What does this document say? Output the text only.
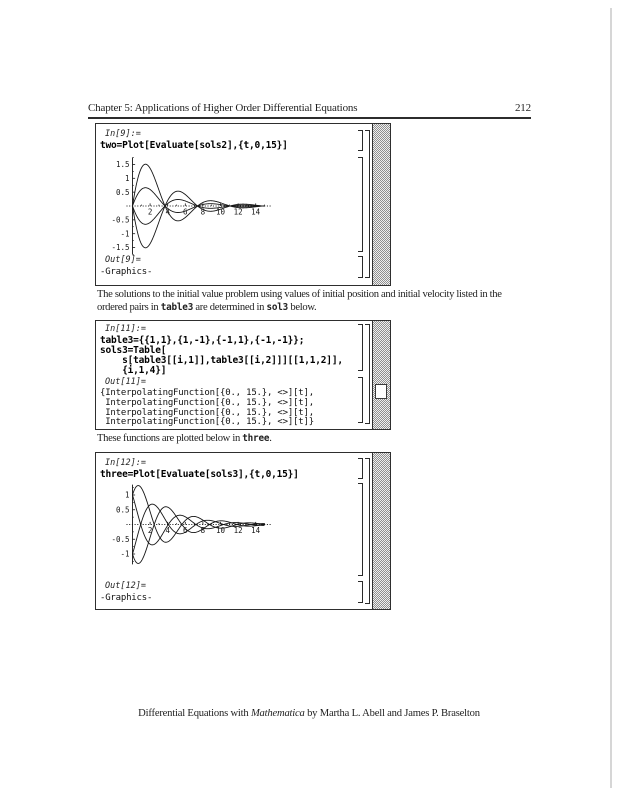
Chapter 5: Applications of Higher Order Differential Equations	212
In[9]:=
two=Plot[Evaluate[sols2],{t,0,15}]
2 4 6 8 10 12 14
1.5
1
0.5
-0.5
-1
-1.5
Out[9]=
-Graphics-
The solutions to the initial value problem using values of initial position and initial velocity listed in the
ordered pairs in table3 are determined in sol3 below.
In[11]:=
table3={{1,1},{1,-1},{-1,1},{-1,-1}};
sols3=Table[
s[table3[[i,1]],table3[[i,2]]][[1,1,2]],
{i,1,4}]
Out[11]=
{InterpolatingFunction[{0., 15.}, <>][t],
InterpolatingFunction[{0., 15.}, <>][t],
InterpolatingFunction[{0., 15.}, <>][t],
InterpolatingFunction[{0., 15.}, <>][t]}
These functions are plotted below in three.
In[12]:=
three=Plot[Evaluate[sols3],{t,0,15}]
2 4 6 8 10 12 14
1
0.5
-0.5
-1
Out[12]=
-Graphics-
Differential Equations with Mathematica by Martha L. Abell and James P. Braselton
